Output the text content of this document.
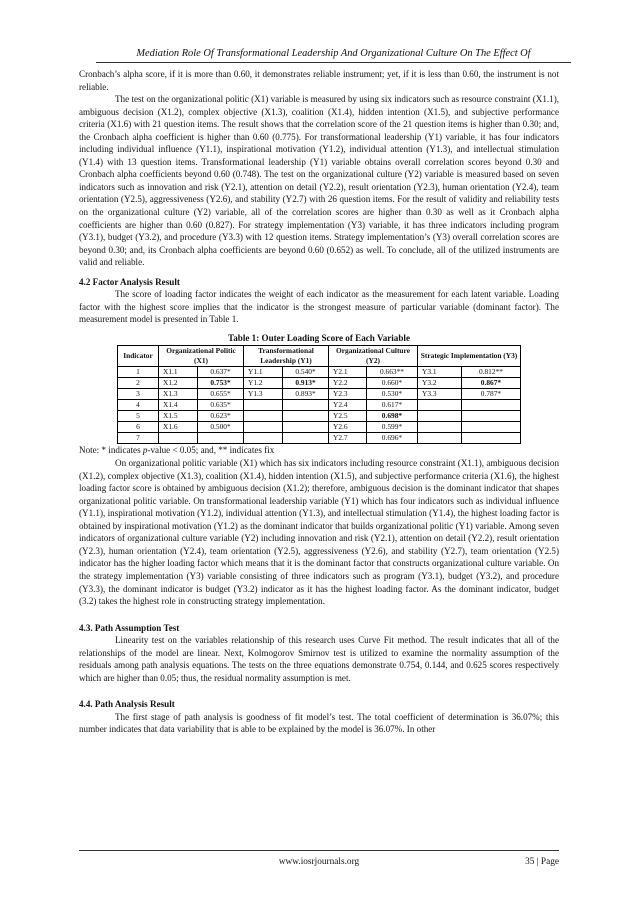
Mediation Role Of Transformational Leadership And Organizational Culture On The Effect Of

Cronbach’s alpha score, if it is more than 0.60, it demonstrates reliable instrument; yet, if it is less than 0.60, the instrument is not reliable.

The test on the organizational politic (X1) variable is measured by using six indicators such as resource constraint (X1.1), ambiguous decision (X1.2), complex objective (X1.3), coalition (X1.4), hidden intention (X1.5), and subjective performance criteria (X1.6) with 21 question items. The result shows that the correlation score of the 21 question items is higher than 0.30; and, the Cronbach alpha coefficient is higher than 0.60 (0.775). For transformational leadership (Y1) variable, it has four indicators including individual influence (Y1.1), inspirational motivation (Y1.2), individual attention (Y1.3), and intellectual stimulation (Y1.4) with 13 question items. Transformational leadership (Y1) variable obtains overall correlation scores beyond 0.30 and Cronbach alpha coefficients beyond 0.60 (0.748). The test on the organizational culture (Y2) variable is measured based on seven indicators such as innovation and risk (Y2.1), attention on detail (Y2.2), result orientation (Y2.3), human orientation (Y2.4), team orientation (Y2.5), aggressiveness (Y2.6), and stability (Y2.7) with 26 question items. For the result of validity and reliability tests on the organizational culture (Y2) variable, all of the correlation scores are higher than 0.30 as well as it Cronbach alpha coefficients are higher than 0.60 (0.827). For strategy implementation (Y3) variable, it has three indicators including program (Y3.1), budget (Y3.2), and procedure (Y3.3) with 12 question items. Strategy implementation’s (Y3) overall correlation scores are beyond 0.30; and, its Cronbach alpha coefficients are beyond 0.60 (0.652) as well. To conclude, all of the utilized instruments are valid and reliable.

4.2 Factor Analysis Result

The score of loading factor indicates the weight of each indicator as the measurement for each latent variable. Loading factor with the highest score implies that the indicator is the strongest measure of particular variable (dominant factor). The measurement model is presented in Table 1.

Table 1: Outer Loading Score of Each Variable
Indicator	Organizational Politic (X1)		Transformational Leadership (Y1)		Organizational Culture (Y2)		Strategic Implementation (Y3)	
1	X1.1	0.637*	Y1.1	0.540*	Y2.1	0.663**	Y3.1	0.812**
2	X1.2	0.753*	Y1.2	0.913*	Y2.2	0.660*	Y3.2	0.867*
3	X1.3	0.655*	Y1.3	0.893*	Y2.3	0.530*	Y3.3	0.787*
4	X1.4	0.635*			Y2.4	0.617*		
5	X1.5	0.623*			Y2.5	0.698*		
6	X1.6	0.500*			Y2.6	0.599*		
7					Y2.7	0.696*		

Note: * indicates p-value < 0.05; and, ** indicates fix

On organizational politic variable (X1) which has six indicators including resource constraint (X1.1), ambiguous decision (X1.2), complex objective (X1.3), coalition (X1.4), hidden intention (X1.5), and subjective performance criteria (X1.6), the highest loading factor score is obtained by ambiguous decision (X1.2); therefore, ambiguous decision is the dominant indicator that shapes organizational politic variable. On transformational leadership variable (Y1) which has four indicators such as individual influence (Y1.1), inspirational motivation (Y1.2), individual attention (Y1.3), and intellectual stimulation (Y1.4), the highest loading factor is obtained by inspirational motivation (Y1.2) as the dominant indicator that builds organizational politic (Y1) variable. Among seven indicators of organizational culture variable (Y2) including innovation and risk (Y2.1), attention on detail (Y2.2), result orientation (Y2.3), human orientation (Y2.4), team orientation (Y2.5), aggressiveness (Y2.6), and stability (Y2.7), team orientation (Y2.5) indicator has the higher loading factor which means that it is the dominant factor that constructs organizational culture variable. On the strategy implementation (Y3) variable consisting of three indicators such as program (Y3.1), budget (Y3.2), and procedure (Y3.3), the dominant indicator is budget (Y3.2) indicator as it has the highest loading factor. As the dominant indicator, budget (3.2) takes the highest role in constructing strategy implementation.

4.3. Path Assumption Test

Linearity test on the variables relationship of this research uses Curve Fit method. The result indicates that all of the relationships of the model are linear. Next, Kolmogorov Smirnov test is utilized to examine the normality assumption of the residuals among path analysis equations. The tests on the three equations demonstrate 0.754, 0.144, and 0.625 scores respectively which are higher than 0.05; thus, the residual normality assumption is met.

4.4. Path Analysis Result

The first stage of path analysis is goodness of fit model’s test. The total coefficient of determination is 36.07%; this number indicates that data variability that is able to be explained by the model is 36.07%. In other

www.iosrjournals.org	35 | Page
